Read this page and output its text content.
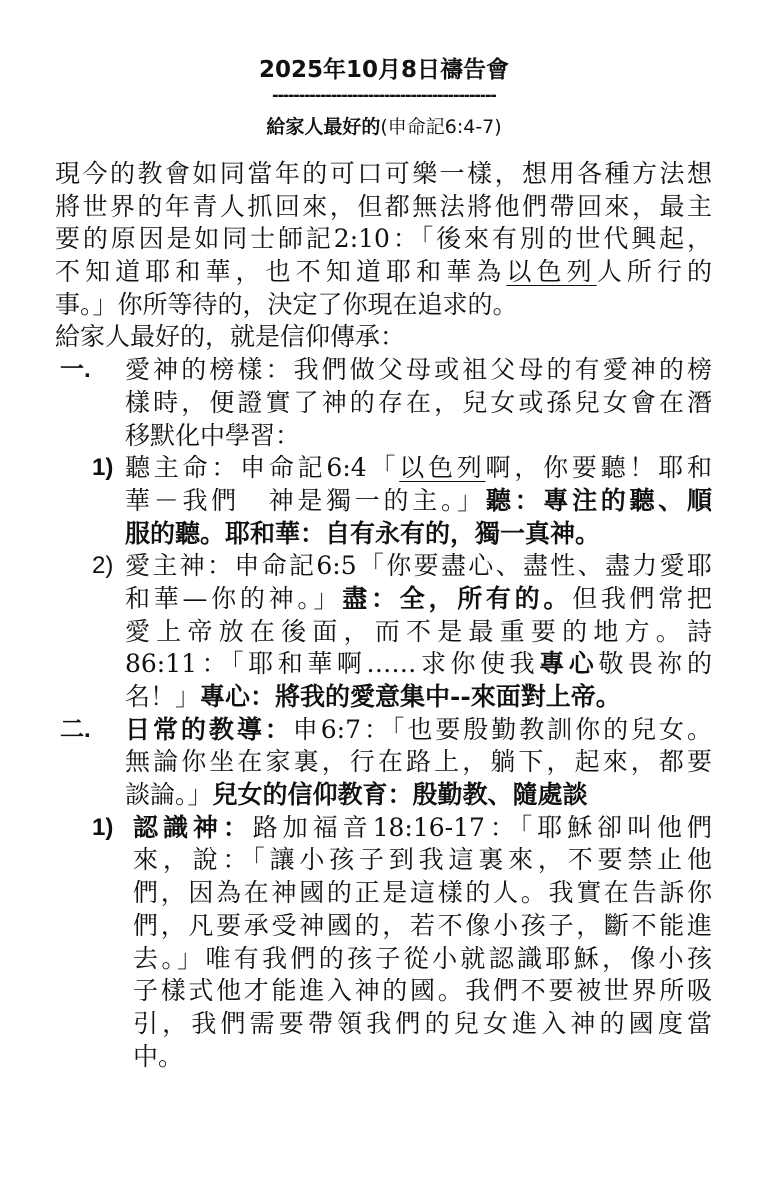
2025年10月8日禱告會
------------------------------------------
給家人最好的(申命記6:4-7)
現今的教會如同當年的可口可樂一樣，想用各種方法想
將世界的年青人抓回來，但都無法將他們帶回來，最主
要的原因是如同士師記2:10：「後來有別的世代興起，
不知道耶和華，也不知道耶和華為以色列人所行的
事。」你所等待的，決定了你現在追求的。
給家人最好的，就是信仰傳承：
一. 愛神的榜樣：我們做父母或祖父母的有愛神的榜
樣時，便證實了神的存在，兒女或孫兒女會在潛
移默化中學習：
1) 聽主命：申命記6:4「以色列啊，你要聽！耶和
華－我們　神是獨一的主。」聽：專注的聽、順
服的聽。耶和華：自有永有的，獨一真神。
2) 愛主神：申命記6:5「你要盡心、盡性、盡力愛耶
和華—你的神。」盡：全，所有的。但我們常把
愛上帝放在後面，而不是最重要的地方。詩
86:11：「耶和華啊……求你使我專心敬畏祢的
名！」專心：將我的愛意集中--來面對上帝。
二. 日常的教導：申6:7：「也要殷勤教訓你的兒女。
無論你坐在家裏，行在路上，躺下，起來，都要
談論。」兒女的信仰教育：殷勤教、隨處談
1) 認識神：路加福音18:16-17：「耶穌卻叫他們
來，說：「讓小孩子到我這裏來，不要禁止他
們，因為在神國的正是這樣的人。我實在告訴你
們，凡要承受神國的，若不像小孩子，斷不能進
去。」唯有我們的孩子從小就認識耶穌，像小孩
子樣式他才能進入神的國。我們不要被世界所吸
引，我們需要帶領我們的兒女進入神的國度當
中。
